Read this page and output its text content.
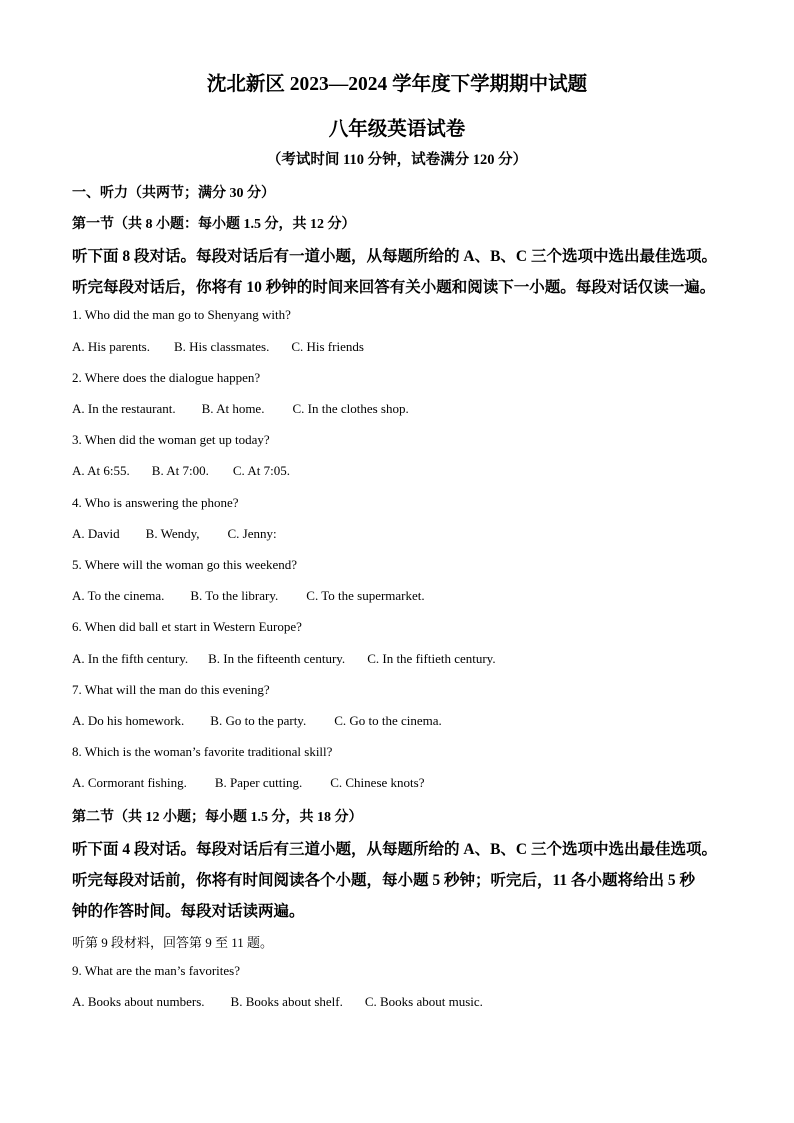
沈北新区 2023—2024 学年度下学期期中试题
八年级英语试卷
（考试时间 110 分钟，试卷满分 120 分）
一、听力（共两节；满分 30 分）
第一节（共 8 小题：每小题 1.5 分，共 12 分）
听下面 8 段对话。每段对话后有一道小题，从每题所给的 A、B、C 三个选项中选出最佳选项。
听完每段对话后，你将有 10 秒钟的时间来回答有关小题和阅读下一小题。每段对话仅读一遍。
1. Who did the man go to Shenyang with?
A. His parents. B. His classmates. C. His friends
2. Where does the dialogue happen?
A. In the restaurant. B. At home. C. In the clothes shop.
3. When did the woman get up today?
A. At 6:55. B. At 7:00. C. At 7:05.
4. Who is answering the phone?
A. David B. Wendy, C. Jenny:
5. Where will the woman go this weekend?
A. To the cinema. B. To the library. C. To the supermarket.
6. When did ball et start in Western Europe?
A. In the fifth century. B. In the fifteenth century. C. In the fiftieth century.
7. What will the man do this evening?
A. Do his homework. B. Go to the party. C. Go to the cinema.
8. Which is the woman’s favorite traditional skill?
A. Cormorant fishing. B. Paper cutting. C. Chinese knots?
第二节（共 12 小题；每小题 1.5 分，共 18 分）
听下面 4 段对话。每段对话后有三道小题，从每题所给的 A、B、C 三个选项中选出最佳选项。
听完每段对话前，你将有时间阅读各个小题，每小题 5 秒钟；听完后，11 各小题将给出 5 秒
钟的作答时间。每段对话读两遍。
听第 9 段材料，回答第 9 至 11 题。
9. What are the man’s favorites?
A. Books about numbers. B. Books about shelf. C. Books about music.
